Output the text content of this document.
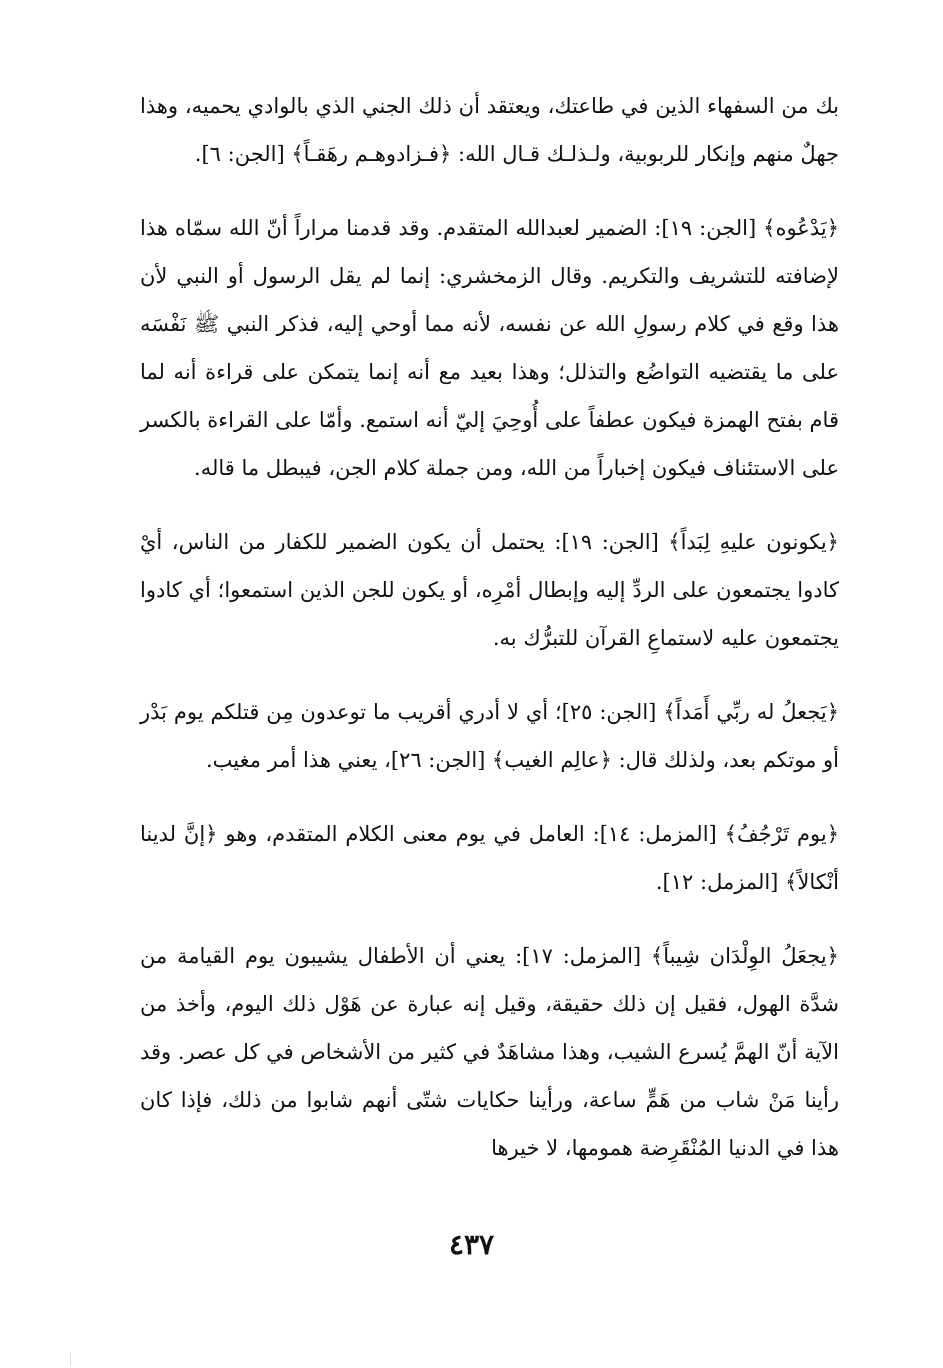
بك من السفهاء الذين في طاعتك، ويعتقد أن ذلك الجني الذي بالوادي يحميه، وهذا جهلٌ منهم وإنكار للربوبية، ولـذلـك قـال الله: ﴿فـزادوهـم رهَقـاً﴾ [الجن: ٦].

﴿يَدْعُوه﴾ [الجن: ١٩]: الضمير لعبدالله المتقدم. وقد قدمنا مراراً أنّ الله سمّاه هذا لإضافته للتشريف والتكريم. وقال الزمخشري: إنما لم يقل الرسول أو النبي لأن هذا وقع في كلام رسولِ الله عن نفسه، لأنه مما أوحي إليه، فذكر النبي ﷺ نَفْسَه على ما يقتضيه التواضُع والتذلل؛ وهذا بعيد مع أنه إنما يتمكن على قراءة أنه لما قام بفتح الهمزة فيكون عطفاً على أُوحِيَ إليّ أنه استمع. وأمّا على القراءة بالكسر على الاستئناف فيكون إخباراً من الله، ومن جملة كلام الجن، فيبطل ما قاله.

﴿يكونون عليهِ لِبَداً﴾ [الجن: ١٩]: يحتمل أن يكون الضمير للكفار من الناس، أيْ كادوا يجتمعون على الردِّ إليه وإبطال أمْرِه، أو يكون للجن الذين استمعوا؛ أي كادوا يجتمعون عليه لاستماعِ القرآن للتبرُّك به.

﴿يَجعلُ له ربِّي أَمَداً﴾ [الجن: ٢٥]؛ أي لا أدري أقريب ما توعدون مِن قتلكم يوم بَدْر أو موتكم بعد، ولذلك قال: ﴿عالِم الغيب﴾ [الجن: ٢٦]، يعني هذا أمر مغيب.

﴿يوم تَرْجُفُ﴾ [المزمل: ١٤]: العامل في يوم معنى الكلام المتقدم، وهو ﴿إنَّ لدينا أنْكالاً﴾ [المزمل: ١٢].

﴿يجعَلُ الوِلْدَان شِيباً﴾ [المزمل: ١٧]: يعني أن الأطفال يشيبون يوم القيامة من شدَّة الهول، فقيل إن ذلك حقيقة، وقيل إنه عبارة عن هَوْل ذلك اليوم، وأخذ من الآية أنّ الهمَّ يُسرع الشيب، وهذا مشاهَدٌ في كثير من الأشخاص في كل عصر. وقد رأينا مَنْ شاب من هَمٍّ ساعة، ورأينا حكايات شتّى أنهم شابوا من ذلك، فإذا كان هذا في الدنيا المُنْقَرِضة همومها، لا خيرها

٤٣٧
